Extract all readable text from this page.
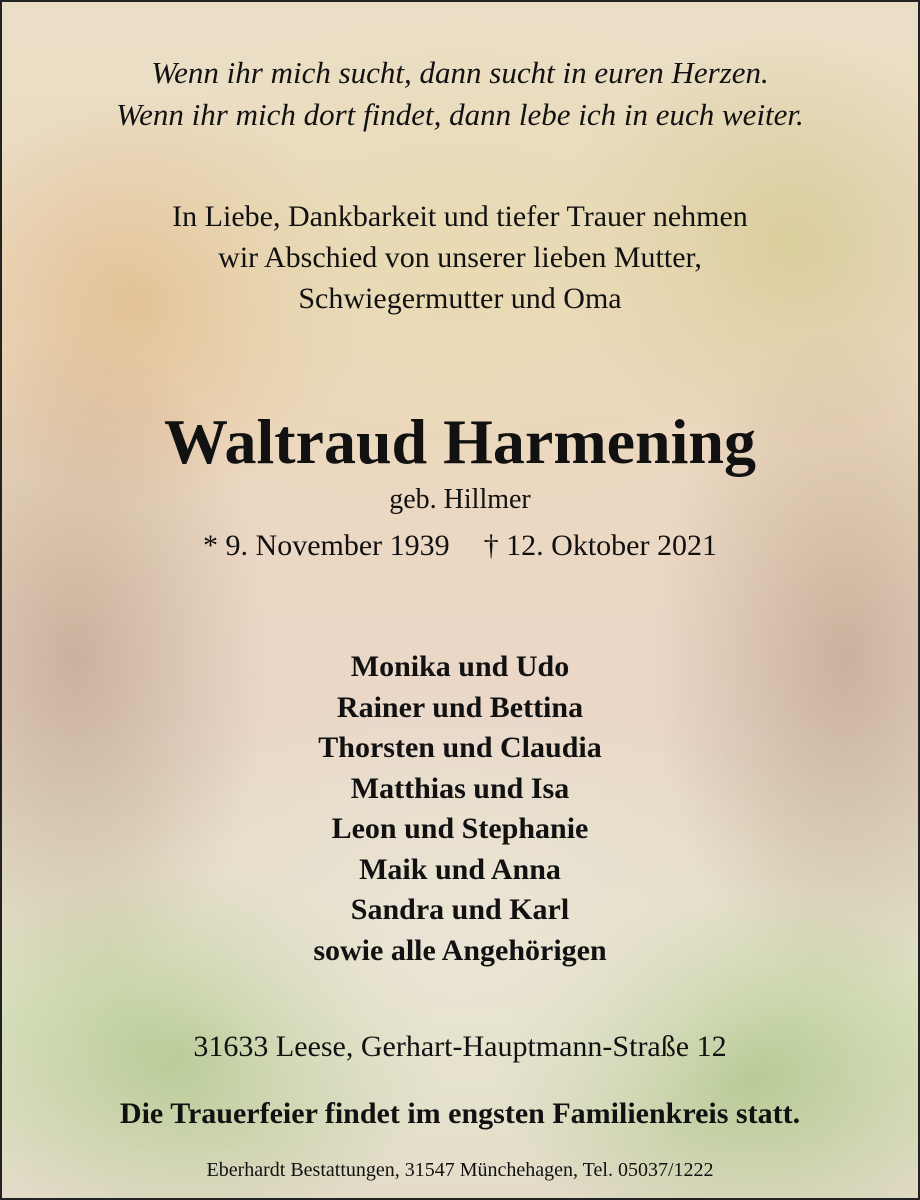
Wenn ihr mich sucht, dann sucht in euren Herzen.
Wenn ihr mich dort findet, dann lebe ich in euch weiter.
In Liebe, Dankbarkeit und tiefer Trauer nehmen
wir Abschied von unserer lieben Mutter,
Schwiegermutter und Oma
Waltraud Harmening
geb. Hillmer
* 9. November 1939 † 12. Oktober 2021
Monika und Udo
Rainer und Bettina
Thorsten und Claudia
Matthias und Isa
Leon und Stephanie
Maik und Anna
Sandra und Karl
sowie alle Angehörigen
31633 Leese, Gerhart-Hauptmann-Straße 12
Die Trauerfeier findet im engsten Familienkreis statt.
Eberhardt Bestattungen, 31547 Münchehagen, Tel. 05037/1222
